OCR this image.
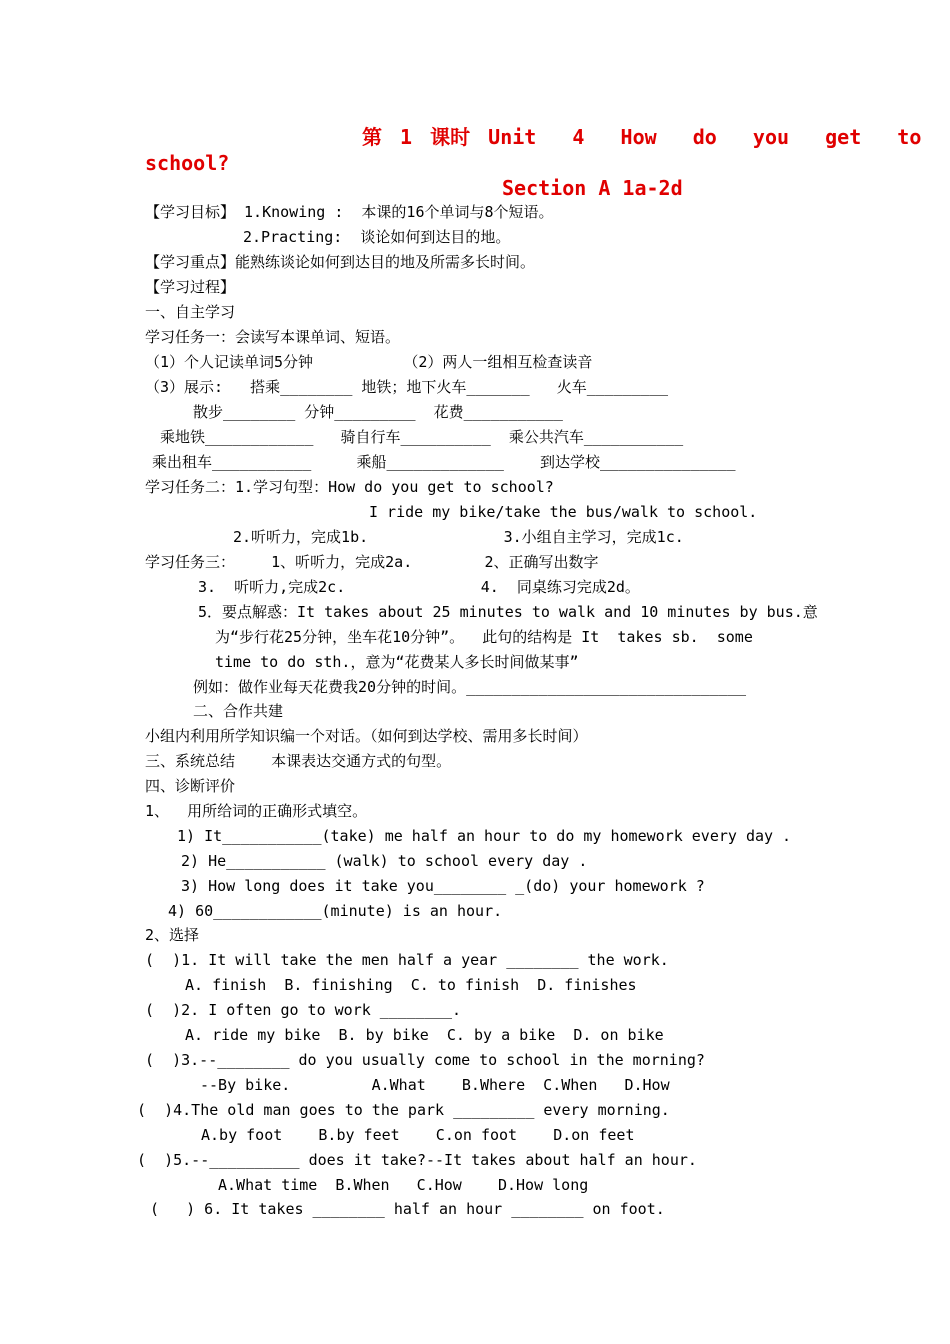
第 1 课时 Unit  4  How  do  you  get  to
school?
Section A 1a-2d
【学习目标】 1.Knowing :  本课的16个单词与8个短语。
2.Practing:  谈论如何到达目的地。
【学习重点】能熟练谈论如何到达目的地及所需多长时间。
【学习过程】
一、自主学习
学习任务一：会读写本课单词、短语。
（1）个人记读单词5分钟          （2）两人一组相互检查读音
（3）展示:   搭乘________ 地铁；地下火车_______   火车_________
散步________ 分钟_________  花费___________
乘地铁____________   骑自行车__________  乘公共汽车___________
乘出租车___________     乘船_____________    到达学校_______________
学习任务二：1.学习句型：How do you get to school?
I ride my bike/take the bus/walk to school.
2.听听力，完成1b.               3.小组自主学习，完成1c.
学习任务三：    1、听听力，完成2a.        2、正确写出数字
3.  听听力,完成2c.               4.  同桌练习完成2d。
5．要点解惑：It takes about 25 minutes to walk and 10 minutes by bus.意
为“步行花25分钟，坐车花10分钟”。  此句的结构是 It  takes sb.  some
time to do sth.，意为“花费某人多长时间做某事”
例如：做作业每天花费我20分钟的时间。_______________________________
二、合作共建
小组内利用所学知识编一个对话。（如何到达学校、需用多长时间）
三、系统总结    本课表达交通方式的句型。
四、诊断评价
1、  用所给词的正确形式填空。
1) It___________(take) me half an hour to do my homework every day .
2) He___________ (walk) to school every day .
3) How long does it take you________ _(do) your homework ?
4) 60____________(minute) is an hour.
2、选择
(  )1. It will take the men half a year ________ the work.
A. finish  B. finishing  C. to finish  D. finishes
(  )2. I often go to work ________.
A. ride my bike  B. by bike  C. by a bike  D. on bike
(  )3.--________ do you usually come to school in the morning?
--By bike.         A.What    B.Where  C.When   D.How
(  )4.The old man goes to the park _________ every morning.
A.by foot    B.by feet    C.on foot    D.on feet
(  )5.--__________ does it take?--It takes about half an hour.
A.What time  B.When   C.How    D.How long
(   ) 6. It takes ________ half an hour ________ on foot.
